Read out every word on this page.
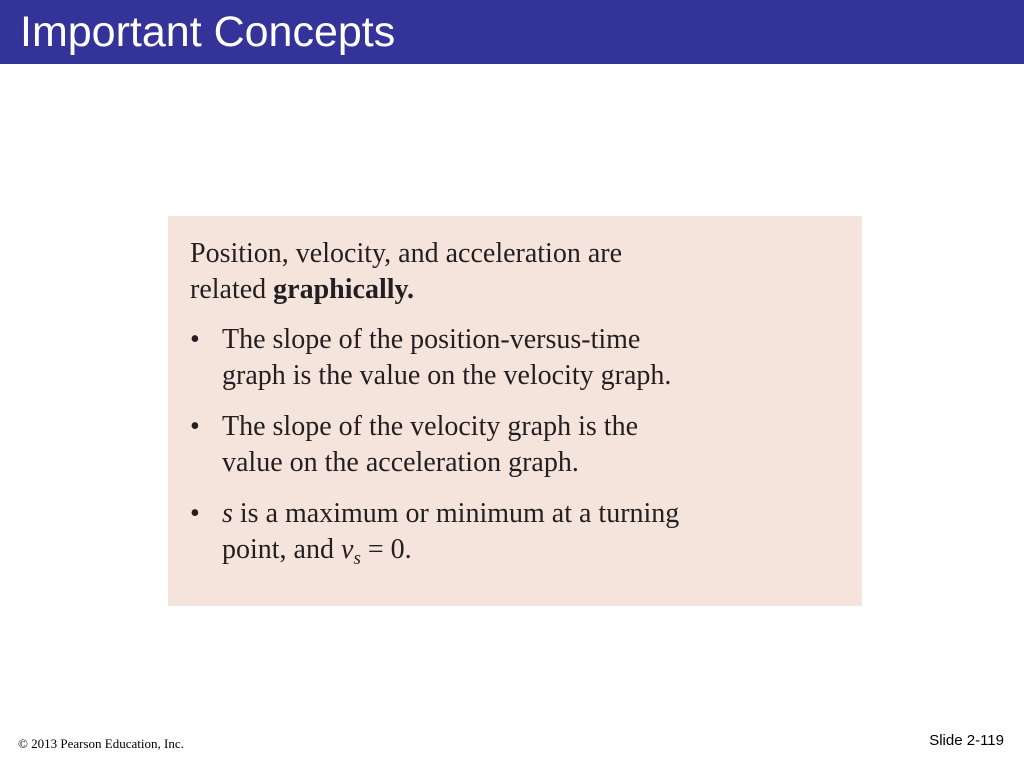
Important Concepts

Position, velocity, and acceleration are
related graphically.

• The slope of the position-versus-time
graph is the value on the velocity graph.
• The slope of the velocity graph is the
value on the acceleration graph.
• s is a maximum or minimum at a turning
point, and $v_s = 0$.
© 2013 Pearson Education, Inc.	Slide 2-119
